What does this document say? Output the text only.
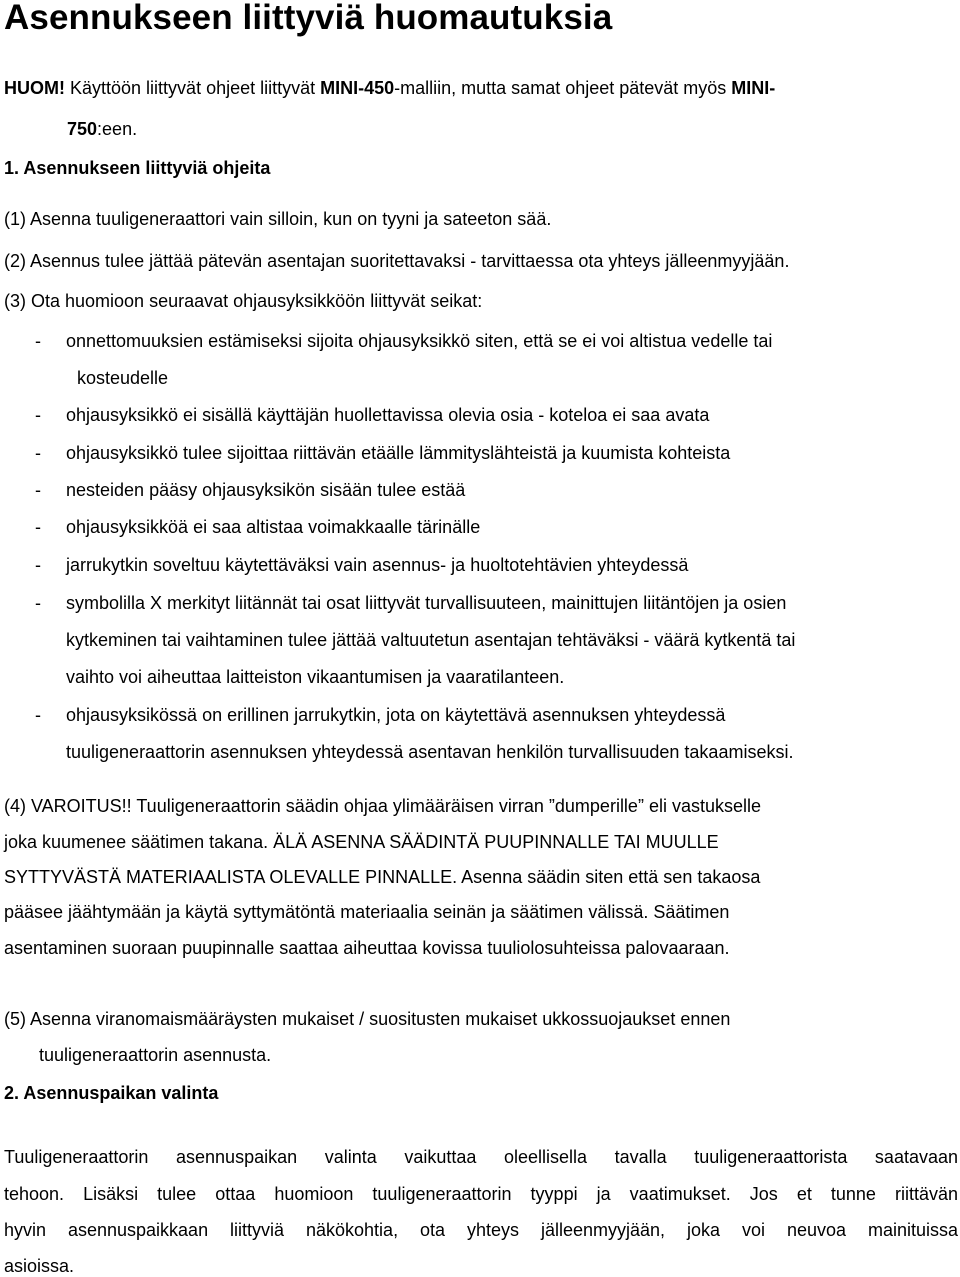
Asennukseen liittyviä huomautuksia
HUOM! Käyttöön liittyvät ohjeet liittyvät MINI-450-malliin, mutta samat ohjeet pätevät myös MINI-
750:een.
1. Asennukseen liittyviä ohjeita
(1) Asenna tuuligeneraattori vain silloin, kun on tyyni ja sateeton sää.
(2) Asennus tulee jättää pätevän asentajan suoritettavaksi - tarvittaessa ota yhteys jälleenmyyjään.
(3) Ota huomioon seuraavat ohjausyksikköön liittyvät seikat:
- onnettomuuksien estämiseksi sijoita ohjausyksikkö siten, että se ei voi altistua vedelle tai
kosteudelle
- ohjausyksikkö ei sisällä käyttäjän huollettavissa olevia osia - koteloa ei saa avata
- ohjausyksikkö tulee sijoittaa riittävän etäälle lämmityslähteistä ja kuumista kohteista
- nesteiden pääsy ohjausyksikön sisään tulee estää
- ohjausyksikköä ei saa altistaa voimakkaalle tärinälle
- jarrukytkin soveltuu käytettäväksi vain asennus- ja huoltotehtävien yhteydessä
- symbolilla X merkityt liitännät tai osat liittyvät turvallisuuteen, mainittujen liitäntöjen ja osien
kytkeminen tai vaihtaminen tulee jättää valtuutetun asentajan tehtäväksi - väärä kytkentä tai
vaihto voi aiheuttaa laitteiston vikaantumisen ja vaaratilanteen.
- ohjausyksikössä on erillinen jarrukytkin, jota on käytettävä asennuksen yhteydessä
tuuligeneraattorin asennuksen yhteydessä asentavan henkilön turvallisuuden takaamiseksi.
(4) VAROITUS!! Tuuligeneraattorin säädin ohjaa ylimääräisen virran ”dumperille” eli vastukselle
joka kuumenee säätimen takana. ÄLÄ ASENNA SÄÄDINTÄ PUUPINNALLE TAI MUULLE
SYTTYVÄSTÄ MATERIAALISTA OLEVALLE PINNALLE. Asenna säädin siten että sen takaosa
pääsee jäähtymään ja käytä syttymätöntä materiaalia seinän ja säätimen välissä. Säätimen
asentaminen suoraan puupinnalle saattaa aiheuttaa kovissa tuuliolosuhteissa palovaaraan.
(5) Asenna viranomaismääräysten mukaiset / suositusten mukaiset ukkossuojaukset ennen
tuuligeneraattorin asennusta.
2. Asennuspaikan valinta
Tuuligeneraattorin asennuspaikan valinta vaikuttaa oleellisella tavalla tuuligeneraattorista saatavaan
tehoon. Lisäksi tulee ottaa huomioon tuuligeneraattorin tyyppi ja vaatimukset. Jos et tunne riittävän
hyvin asennuspaikkaan liittyviä näkökohtia, ota yhteys jälleenmyyjään, joka voi neuvoa mainituissa
asioissa.
